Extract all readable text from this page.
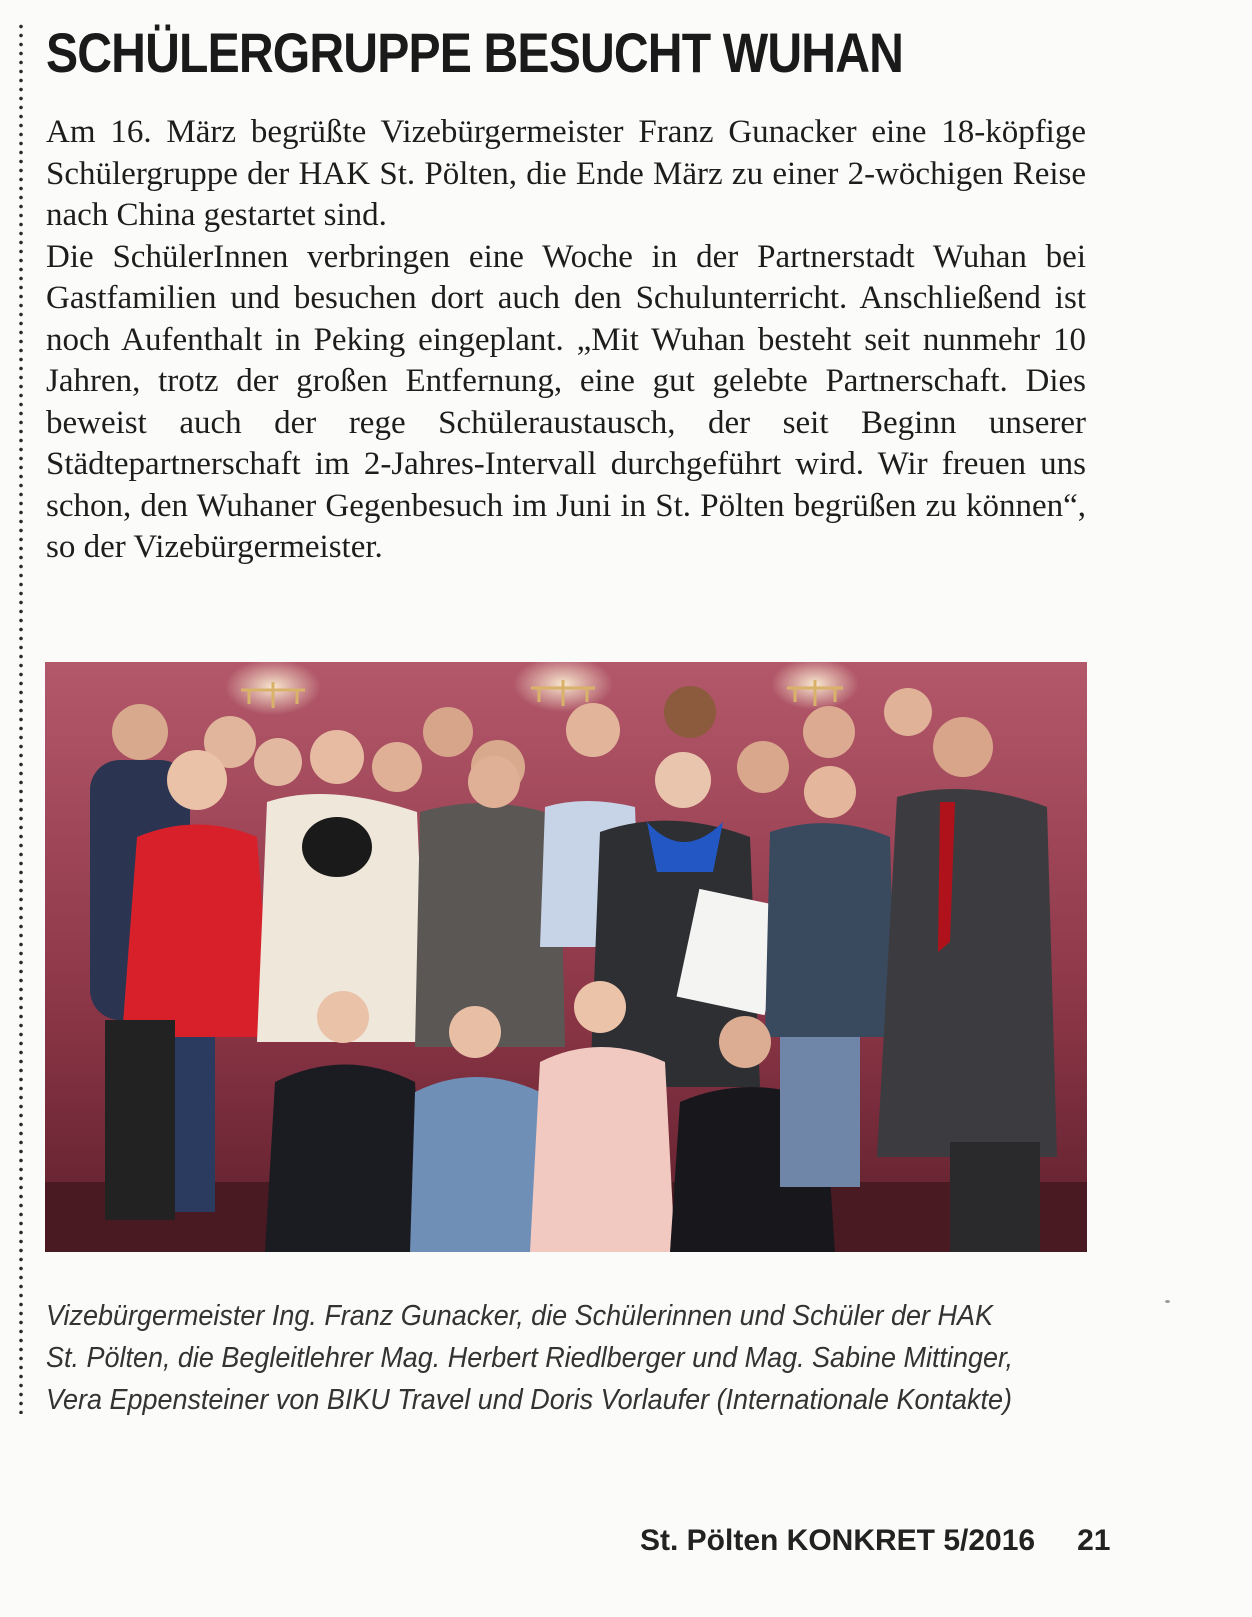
SCHÜLERGRUPPE BESUCHT WUHAN

Am 16. März begrüßte Vizebürgermeister Franz Gunacker eine 18-köpfige Schülergruppe der HAK St. Pölten, die Ende März zu einer 2-wöchigen Reise nach China gestartet sind.

Die SchülerInnen verbringen eine Woche in der Partnerstadt Wuhan bei Gastfamilien und besuchen dort auch den Schulunterricht. Anschließend ist noch Aufenthalt in Peking eingeplant. „Mit Wuhan besteht seit nunmehr 10 Jahren, trotz der großen Entfernung, eine gut gelebte Partnerschaft. Dies beweist auch der rege Schüleraustausch, der seit Beginn unserer Städtepartnerschaft im 2-Jahres-Intervall durchgeführt wird. Wir freuen uns schon, den Wuhaner Gegenbesuch im Juni in St. Pölten begrüßen zu können“, so der Vizebürgermeister.

Vizebürgermeister Ing. Franz Gunacker, die Schülerinnen und Schüler der HAK St. Pölten, die Begleitlehrer Mag. Herbert Riedlberger und Mag. Sabine Mittinger, Vera Eppensteiner von BIKU Travel und Doris Vorlaufer (Internationale Kontakte)

St. Pölten KONKRET 5/2016 21
